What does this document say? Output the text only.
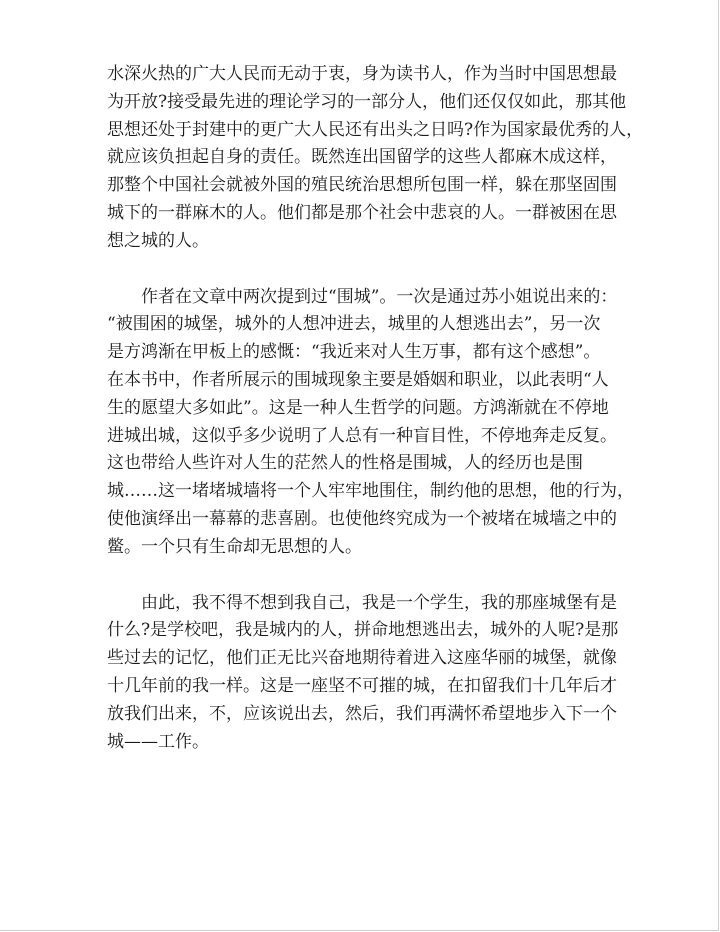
水深火热的广大人民而无动于衷，身为读书人，作为当时中国思想最
为开放?接受最先进的理论学习的一部分人，他们还仅仅如此，那其他
思想还处于封建中的更广大人民还有出头之日吗?作为国家最优秀的人，
就应该负担起自身的责任。既然连出国留学的这些人都麻木成这样，
那整个中国社会就被外国的殖民统治思想所包围一样，躲在那坚固围
城下的一群麻木的人。他们都是那个社会中悲哀的人。一群被困在思
想之城的人。

　　作者在文章中两次提到过“围城”。一次是通过苏小姐说出来的：
“被围困的城堡，城外的人想冲进去，城里的人想逃出去”，另一次
是方鸿渐在甲板上的感慨：“我近来对人生万事，都有这个感想”。
在本书中，作者所展示的围城现象主要是婚姻和职业，以此表明“人
生的愿望大多如此”。这是一种人生哲学的问题。方鸿渐就在不停地
进城出城，这似乎多少说明了人总有一种盲目性，不停地奔走反复。
这也带给人些许对人生的茫然人的性格是围城，人的经历也是围
城……这一堵堵城墙将一个人牢牢地围住，制约他的思想，他的行为，
使他演绎出一幕幕的悲喜剧。也使他终究成为一个被堵在城墙之中的
鳖。一个只有生命却无思想的人。

　　由此，我不得不想到我自己，我是一个学生，我的那座城堡有是
什么?是学校吧，我是城内的人，拼命地想逃出去，城外的人呢?是那
些过去的记忆，他们正无比兴奋地期待着进入这座华丽的城堡，就像
十几年前的我一样。这是一座坚不可摧的城，在扣留我们十几年后才
放我们出来，不，应该说出去，然后，我们再满怀希望地步入下一个
城——工作。
